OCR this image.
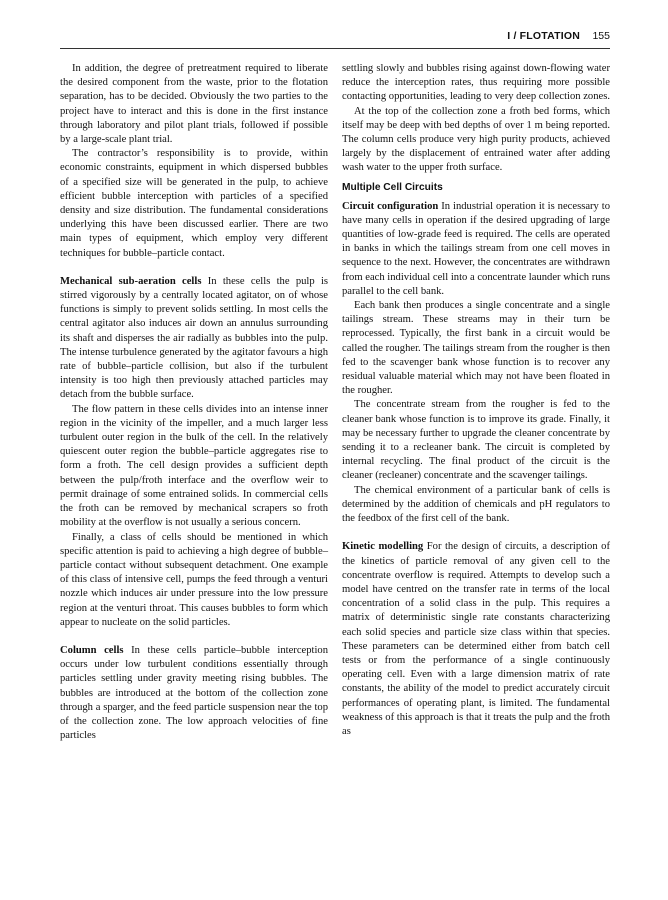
I / FLOTATION 155

In addition, the degree of pretreatment required to liberate the desired component from the waste, prior to the flotation separation, has to be decided. Obviously the two parties to the project have to interact and this is done in the first instance through laboratory and pilot plant trials, followed if possible by a large-scale plant trial.

The contractor’s responsibility is to provide, within economic constraints, equipment in which dispersed bubbles of a specified size will be generated in the pulp, to achieve efficient bubble interception with particles of a specified density and size distribution. The fundamental considerations underlying this have been discussed earlier. There are two main types of equipment, which employ very different techniques for bubble–particle contact.

Mechanical sub-aeration cells In these cells the pulp is stirred vigorously by a centrally located agitator, on of whose functions is simply to prevent solids settling. In most cells the central agitator also induces air down an annulus surrounding its shaft and disperses the air radially as bubbles into the pulp. The intense turbulence generated by the agitator favours a high rate of bubble–particle collision, but also if the turbulent intensity is too high then previously attached particles may detach from the bubble surface.

The flow pattern in these cells divides into an intense inner region in the vicinity of the impeller, and a much larger less turbulent outer region in the bulk of the cell. In the relatively quiescent outer region the bubble–particle aggregates rise to form a froth. The cell design provides a sufficient depth between the pulp/froth interface and the overflow weir to permit drainage of some entrained solids. In commercial cells the froth can be removed by mechanical scrapers so froth mobility at the overflow is not usually a serious concern.

Finally, a class of cells should be mentioned in which specific attention is paid to achieving a high degree of bubble–particle contact without subsequent detachment. One example of this class of intensive cell, pumps the feed through a venturi nozzle which induces air under pressure into the low pressure region at the venturi throat. This causes bubbles to form which appear to nucleate on the solid particles.

Column cells In these cells particle–bubble interception occurs under low turbulent conditions essentially through particles settling under gravity meeting rising bubbles. The bubbles are introduced at the bottom of the collection zone through a sparger, and the feed particle suspension near the top of the collection zone. The low approach velocities of fine particles

settling slowly and bubbles rising against down-flowing water reduce the interception rates, thus requiring more possible contacting opportunities, leading to very deep collection zones.

At the top of the collection zone a froth bed forms, which itself may be deep with bed depths of over 1 m being reported. The column cells produce very high purity products, achieved largely by the displacement of entrained water after adding wash water to the upper froth surface.

Multiple Cell Circuits

Circuit configuration In industrial operation it is necessary to have many cells in operation if the desired upgrading of large quantities of low-grade feed is required. The cells are operated in banks in which the tailings stream from one cell moves in sequence to the next. However, the concentrates are withdrawn from each individual cell into a concentrate launder which runs parallel to the cell bank.

Each bank then produces a single concentrate and a single tailings stream. These streams may in their turn be reprocessed. Typically, the first bank in a circuit would be called the rougher. The tailings stream from the rougher is then fed to the scavenger bank whose function is to recover any residual valuable material which may not have been floated in the rougher.

The concentrate stream from the rougher is fed to the cleaner bank whose function is to improve its grade. Finally, it may be necessary further to upgrade the cleaner concentrate by sending it to a recleaner bank. The circuit is completed by internal recycling. The final product of the circuit is the cleaner (recleaner) concentrate and the scavenger tailings.

The chemical environment of a particular bank of cells is determined by the addition of chemicals and pH regulators to the feedbox of the first cell of the bank.

Kinetic modelling For the design of circuits, a description of the kinetics of particle removal of any given cell to the concentrate overflow is required. Attempts to develop such a model have centred on the transfer rate in terms of the local concentration of a solid class in the pulp. This requires a matrix of deterministic single rate constants characterizing each solid species and particle size class within that species. These parameters can be determined either from batch cell tests or from the performance of a single continuously operating cell. Even with a large dimension matrix of rate constants, the ability of the model to predict accurately circuit performances of operating plant, is limited. The fundamental weakness of this approach is that it treats the pulp and the froth as
